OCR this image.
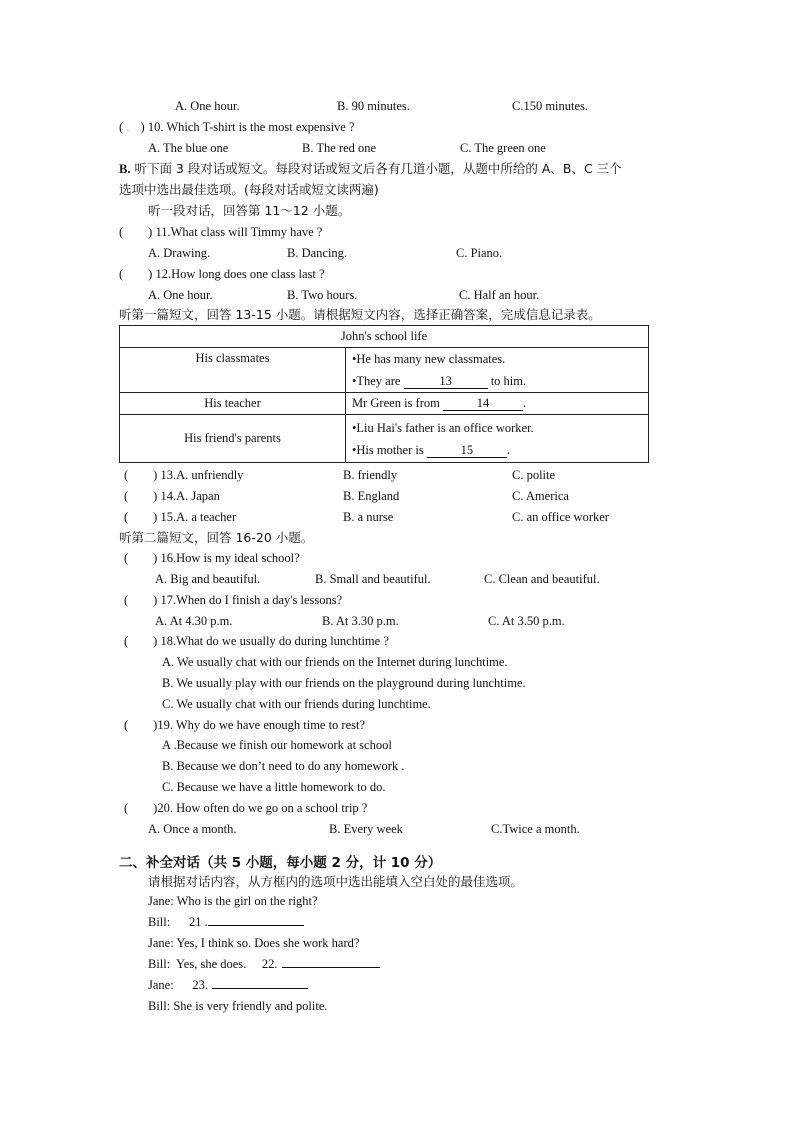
A. One hour.	B. 90 minutes.	C.150 minutes.
( . ) 10. Which T-shirt is the most expensive ?
A. The blue one	B. The red one	C. The green one
B. 听下面 3 段对话或短文。每段对话或短文后各有几道小题，从题中所给的 A、B、C 三个
选项中选出最佳选项。(每段对话或短文读两遍)
听一段对话，回答第 11～12 小题。
(        ) 11.What class will Timmy have ?
A. Drawing.	B. Dancing.	C. Piano.
(        ) 12.How long does one class last ?
A. One hour.	B. Two hours.	C. Half an hour.
听第一篇短文，回答 13-15 小题。请根据短文内容，选择正确答案，完成信息记录表。
John's school life	
His classmates	•He has many new classmates.
•They are 13 to him.

His teacher	Mr Green is from 14 .
His friend's parents	•Liu Hai's father is an office worker.
•His mother is 15 .
(        ) 13.A. unfriendly	B. friendly	C. polite
(        ) 14.A. Japan	B. England	C. America
(        ) 15.A. a teacher	B. a nurse	C. an office worker
听第二篇短文，回答 16-20 小题。
(        ) 16.How is my ideal school?
A. Big and beautiful.	B. Small and beautiful.	C. Clean and beautiful.
(        ) 17.When do I finish a day's lessons?
A. At 4.30 p.m.	B. At 3.30 p.m.	C. At 3.50 p.m.
(        ) 18.What do we usually do during lunchtime ?
A. We usually chat with our friends on the Internet during lunchtime.
B. We usually play with our friends on the playground during lunchtime.
C. We usually chat with our friends during lunchtime.
(        )19. Why do we have enough time to rest?
A .Because we finish our homework at school
B. Because we don’t need to do any homework .
C. Because we have a little homework to do.
(        )20. How often do we go on a school trip ?
A. Once a month.	B. Every week	C.Twice a month.
二、补全对话（共 5 小题，每小题 2 分，计 10 分）
请根据对话内容，从方框内的选项中选出能填入空白处的最佳选项。
Jane: Who is the girl on the right?
Bill:      21 .
Jane: Yes, I think so. Does she work hard?
Bill:  Yes, she does.     22.
Jane:      23.
Bill: She is very friendly and polite.
